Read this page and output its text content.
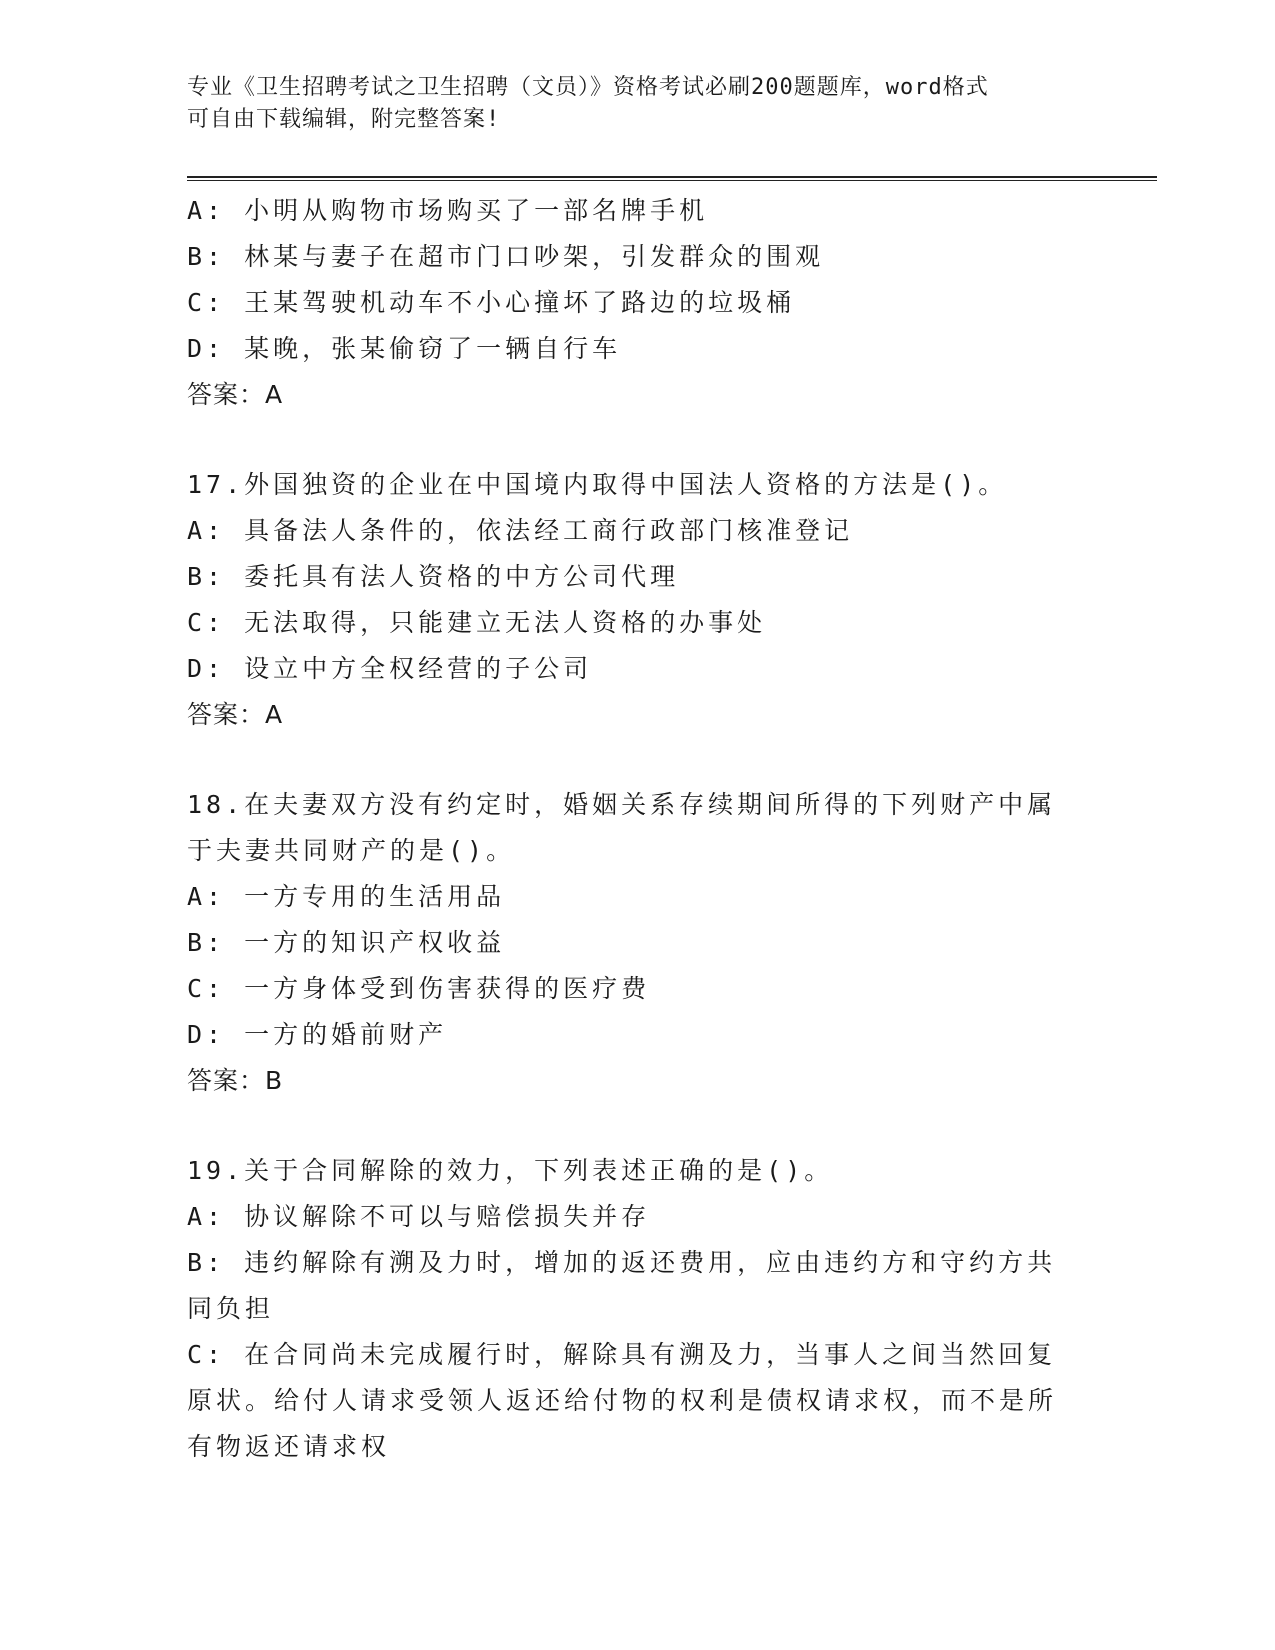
专业《卫生招聘考试之卫生招聘（文员）》资格考试必刷200题题库，word格式
可自由下载编辑，附完整答案!

A: 小明从购物市场购买了一部名牌手机

B: 林某与妻子在超市门口吵架，引发群众的围观

C: 王某驾驶机动车不小心撞坏了路边的垃圾桶

D: 某晚，张某偷窃了一辆自行车

答案：A

17.外国独资的企业在中国境内取得中国法人资格的方法是()。

A: 具备法人条件的，依法经工商行政部门核准登记

B: 委托具有法人资格的中方公司代理

C: 无法取得，只能建立无法人资格的办事处

D: 设立中方全权经营的子公司

答案：A

18.在夫妻双方没有约定时，婚姻关系存续期间所得的下列财产中属于夫妻共同财产的是()。

A: 一方专用的生活用品

B: 一方的知识产权收益

C: 一方身体受到伤害获得的医疗费

D: 一方的婚前财产

答案：B

19.关于合同解除的效力，下列表述正确的是()。

A: 协议解除不可以与赔偿损失并存

B: 违约解除有溯及力时，增加的返还费用，应由违约方和守约方共同负担

C: 在合同尚未完成履行时，解除具有溯及力，当事人之间当然回复原状。给付人请求受领人返还给付物的权利是债权请求权，而不是所有物返还请求权
